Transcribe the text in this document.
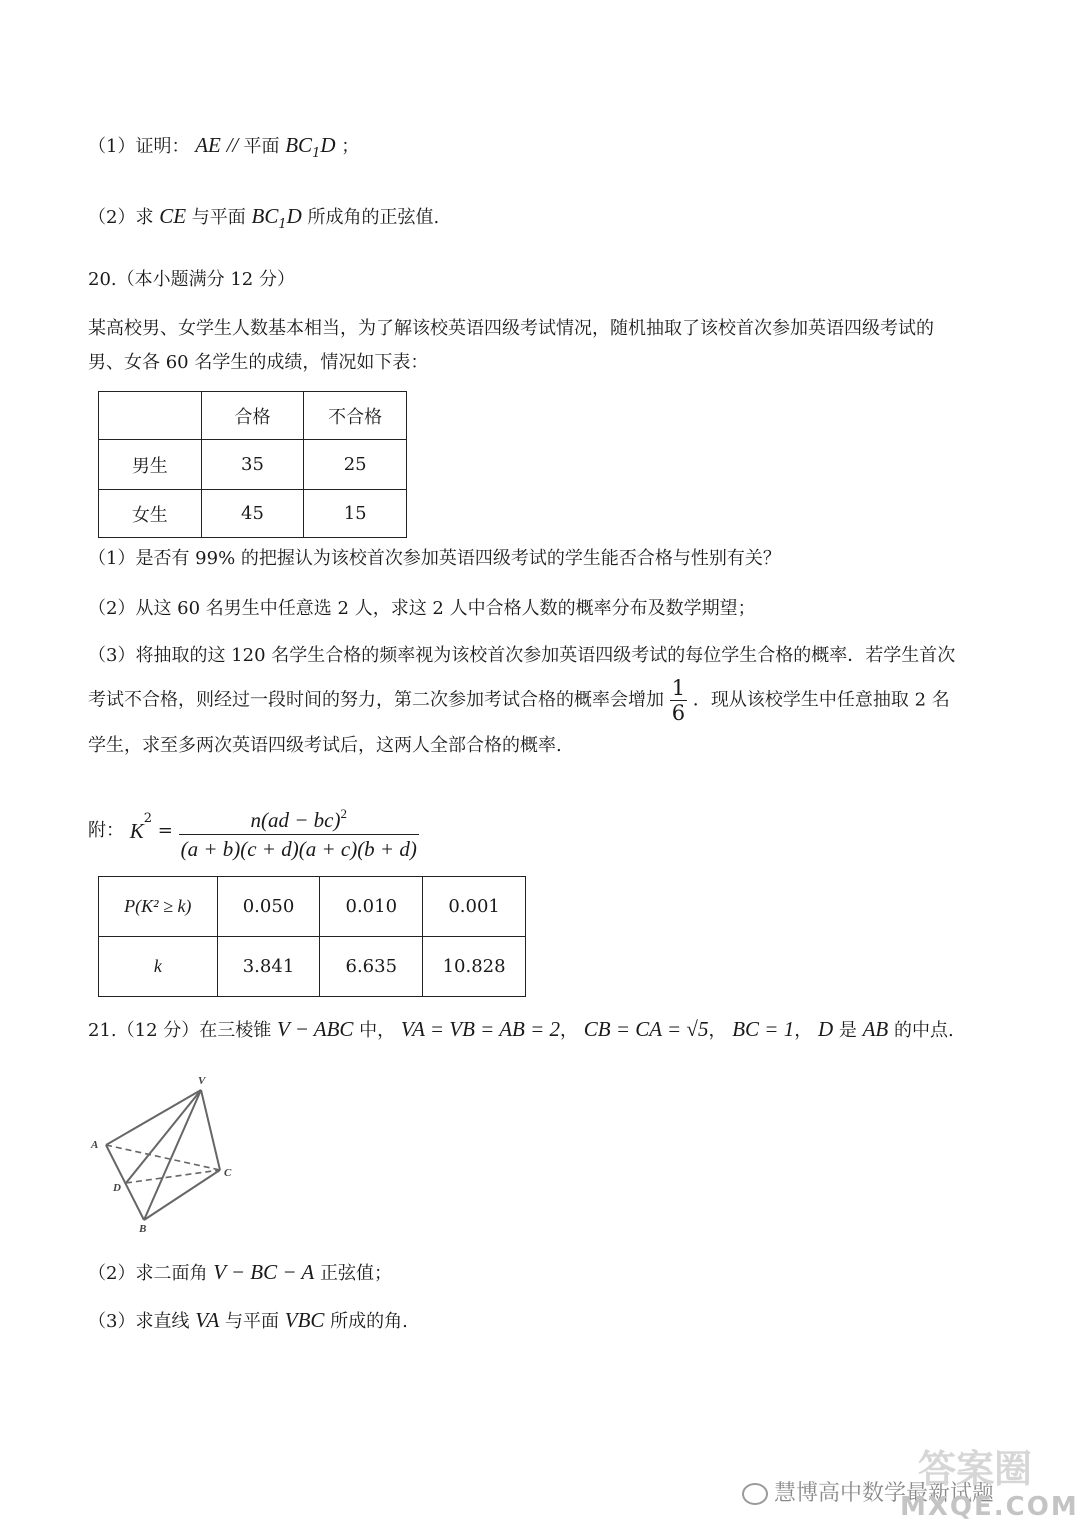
（1）证明： AE // 平面 $BC_1D$ ；
（2）求 CE 与平面 $BC_1D$ 所成角的正弦值.
20.（本小题满分 12 分）
某高校男、女学生人数基本相当，为了解该校英语四级考试情况，随机抽取了该校首次参加英语四级考试的
男、女各 60 名学生的成绩，情况如下表：
	合格	不合格
男生	35	25
女生	45	15
（1）是否有 99% 的把握认为该校首次参加英语四级考试的学生能否合格与性别有关？
（2）从这 60 名男生中任意选 2 人，求这 2 人中合格人数的概率分布及数学期望；
（3）将抽取的这 120 名学生合格的频率视为该校首次参加英语四级考试的每位学生合格的概率．若学生首次
考试不合格，则经过一段时间的努力，第二次参加考试合格的概率会增加 $\frac{1}{6}$ ．现从该校学生中任意抽取 2 名
学生，求至多两次英语四级考试后，这两人全部合格的概率.
附： $K^2 = \frac{n(ad - bc)^2}{(a + b)(c + d)(a + c)(b + d)}$
P(K² ≥ k)	0.050	0.010	0.001
k	3.841	6.635	10.828
21.（12 分）在三棱锥 V − ABC 中， VA = VB = AB = 2， CB = CA = √5， BC = 1， D 是 AB 的中点.
V
A
C
D
B
（2）求二面角 V − BC − A 正弦值；
（3）求直线 VA 与平面 VBC 所成的角.
慧博高中数学最新试题
MXQE.COM
答案圈
